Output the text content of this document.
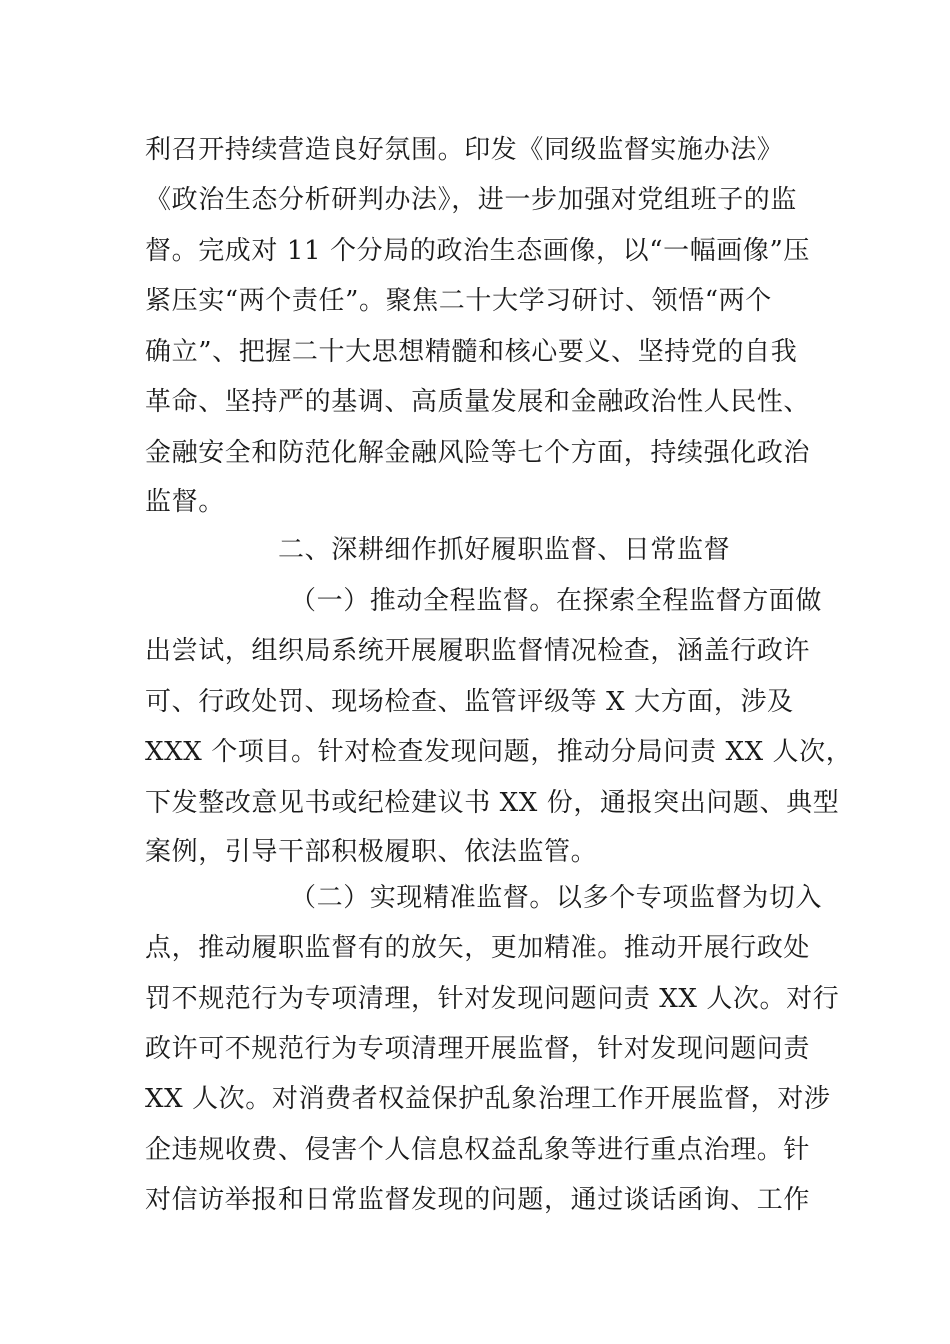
利召开持续营造良好氛围。印发《同级监督实施办法》
《政治生态分析研判办法》，进一步加强对党组班子的监
督。完成对 11 个分局的政治生态画像，以“一幅画像”压
紧压实“两个责任”。聚焦二十大学习研讨、领悟“两个
确立”、把握二十大思想精髓和核心要义、坚持党的自我
革命、坚持严的基调、高质量发展和金融政治性人民性、
金融安全和防范化解金融风险等七个方面，持续强化政治
监督。
二、深耕细作抓好履职监督、日常监督
（一）推动全程监督。在探索全程监督方面做
出尝试，组织局系统开展履职监督情况检查，涵盖行政许
可、行政处罚、现场检查、监管评级等 X 大方面，涉及
XXX 个项目。针对检查发现问题，推动分局问责 XX 人次，
下发整改意见书或纪检建议书 XX 份，通报突出问题、典型
案例，引导干部积极履职、依法监管。
（二）实现精准监督。以多个专项监督为切入
点，推动履职监督有的放矢，更加精准。推动开展行政处
罚不规范行为专项清理，针对发现问题问责 XX 人次。对行
政许可不规范行为专项清理开展监督，针对发现问题问责
XX 人次。对消费者权益保护乱象治理工作开展监督，对涉
企违规收费、侵害个人信息权益乱象等进行重点治理。针
对信访举报和日常监督发现的问题，通过谈话函询、工作
